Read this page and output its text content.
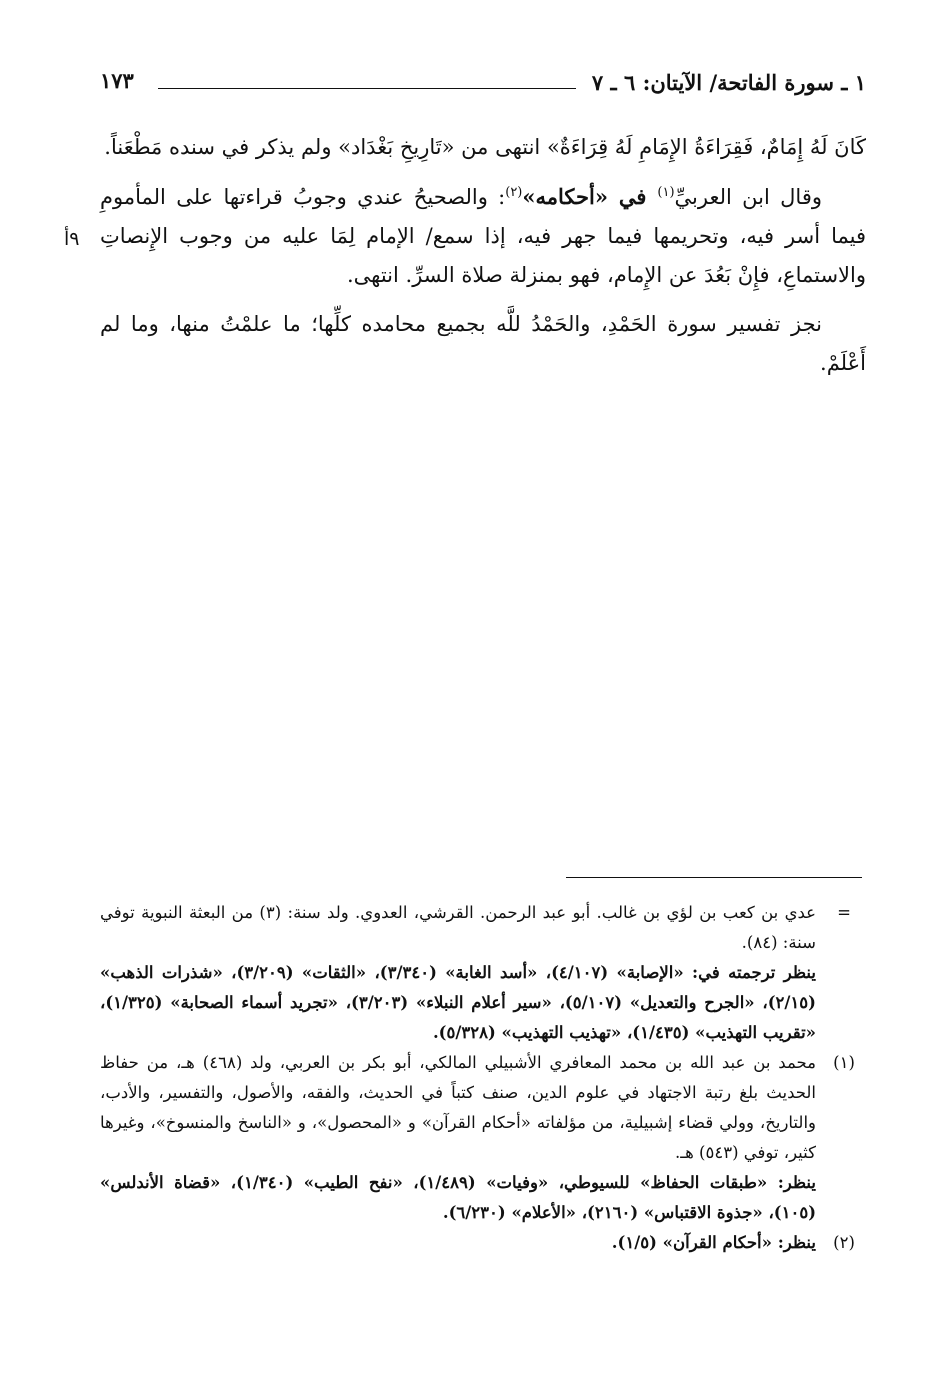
١ ـ سورة الفاتحة/ الآيتان: ٦ ـ ٧
١٧٣

كَانَ لَهُ إِمَامٌ، فَقِرَاءَةُ الإِمَامِ لَهُ قِرَاءَةٌ» انتهى من «تَارِيخِ بَغْدَاد» ولم يذكر في سنده مَطْعَناً.

وقال ابن العربيِّ$^{(١)}$ في «أحكامه»$^{(٢)}$: والصحيحُ عندي وجوبُ قراءتها على المأمومِ فيما أسر فيه، وتحريمها فيما جهر فيه، إذا سمع/ الإمام لِمَا عليه من وجوب الإِنصاتِ والاستماعِ، فإِنْ بَعُدَ عن الإِمام، فهو بمنزلة صلاة السرِّ. انتهى.

نجز تفسير سورة الحَمْدِ، والحَمْدُ للَّه بجميع محامده كلِّها؛ ما علمْتُ منها، وما لم أَعْلَمْ.

٩أ
=

عدي بن كعب بن لؤي بن غالب. أبو عبد الرحمن. القرشي، العدوي. ولد سنة: (٣) من البعثة النبوية توفي سنة: (٨٤).

ينظر ترجمته في: «الإصابة» (٤/١٠٧)، «أسد الغابة» (٣/٣٤٠)، «الثقات» (٣/٢٠٩)، «شذرات الذهب» (٢/١٥)، «الجرح والتعديل» (٥/١٠٧)، «سير أعلام النبلاء» (٣/٢٠٣)، «تجريد أسماء الصحابة» (١/٣٢٥)، «تقريب التهذيب» (١/٤٣٥)، «تهذيب التهذيب» (٥/٣٢٨).

(١)

محمد بن عبد الله بن محمد المعافري الأشبيلي المالكي، أبو بكر بن العربي، ولد (٤٦٨) هـ، من حفاظ الحديث بلغ رتبة الاجتهاد في علوم الدين، صنف كتباً في الحديث، والفقه، والأصول، والتفسير، والأدب، والتاريخ، وولي قضاء إشبيلية، من مؤلفاته «أحكام القرآن» و «المحصول»، و «الناسخ والمنسوخ»، وغيرها كثير، توفي (٥٤٣) هـ.

ينظر: «طبقات الحفاظ» للسيوطي، «وفيات» (١/٤٨٩)، «نفح الطيب» (١/٣٤٠)، «قضاة الأندلس» (١٠٥)، «جذوة الاقتباس» (٢١٦٠)، «الأعلام» (٦/٢٣٠).

(٢)

ينظر: «أحكام القرآن» (١/٥).
